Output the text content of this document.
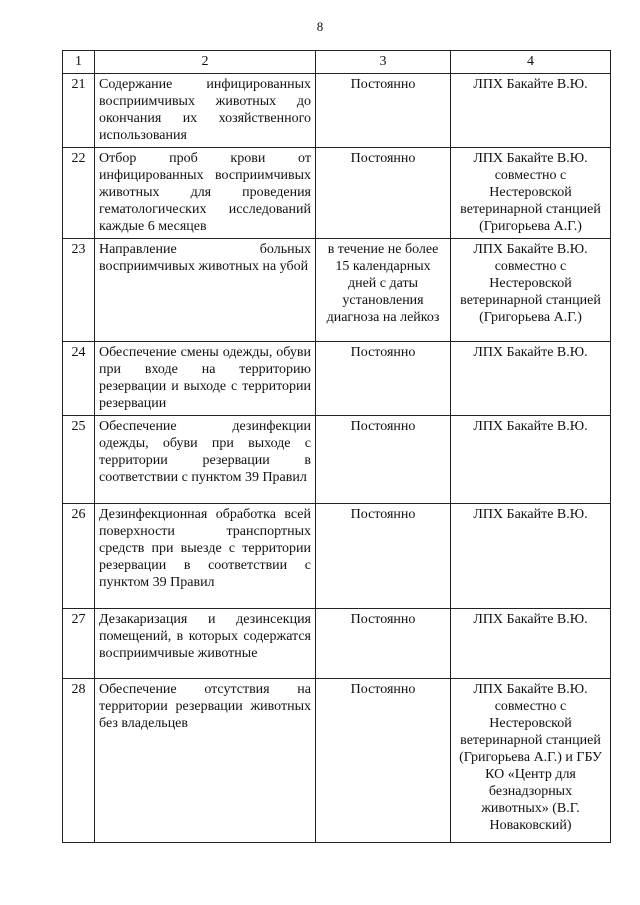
8
1	2	3	4
21	Содержание инфицированных восприимчивых животных до окончания их хозяйственного использования	Постоянно	ЛПХ Бакайте В.Ю.
22	Отбор проб крови от инфицированных восприимчивых животных для проведения гематологических исследований каждые 6 месяцев	Постоянно	ЛПХ Бакайте В.Ю. совместно с Нестеровской ветеринарной станцией (Григорьева А.Г.)
23	Направление больных восприимчивых животных на убой	в течение не более 15 календарных дней с даты установления диагноза на лейкоз	ЛПХ Бакайте В.Ю. совместно с Нестеровской ветеринарной станцией (Григорьева А.Г.)
24	Обеспечение смены одежды, обуви при входе на территорию резервации и выходе с территории резервации	Постоянно	ЛПХ Бакайте В.Ю.
25	Обеспечение дезинфекции одежды, обуви при выходе с территории резервации в соответствии с пунктом 39 Правил	Постоянно	ЛПХ Бакайте В.Ю.
26	Дезинфекционная обработка всей поверхности транспортных средств при выезде с территории резервации в соответствии с пунктом 39 Правил	Постоянно	ЛПХ Бакайте В.Ю.
27	Дезакаризация и дезинсекция помещений, в которых содержатся восприимчивые животные	Постоянно	ЛПХ Бакайте В.Ю.
28	Обеспечение отсутствия на территории резервации животных без владельцев	Постоянно	ЛПХ Бакайте В.Ю. совместно с Нестеровской ветеринарной станцией (Григорьева А.Г.) и ГБУ КО «Центр для безнадзорных животных» (В.Г. Новаковский)
